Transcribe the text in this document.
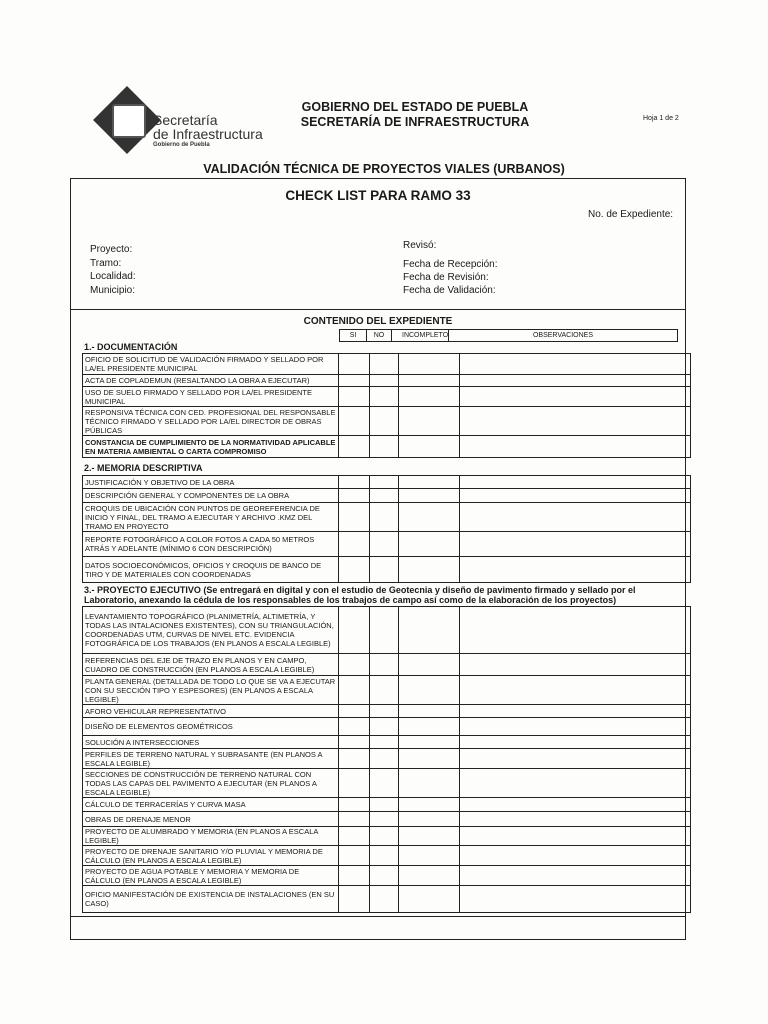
Secretaría
de Infraestructura
Gobierno de Puebla
GOBIERNO DEL ESTADO DE PUEBLA
SECRETARÍA DE INFRAESTRUCTURA	Hoja 1 de 2
VALIDACIÓN TÉCNICA DE PROYECTOS VIALES (URBANOS)
CHECK LIST PARA RAMO 33
No. de Expediente:
Proyecto:
Tramo:
Localidad:
Municipio:
Revisó:
Fecha de Recepción:
Fecha de Revisión:
Fecha de Validación:
CONTENIDO DEL EXPEDIENTE
SI	NO	INCOMPLETO	OBSERVACIONES
1.- DOCUMENTACIÓN
OFICIO DE SOLICITUD DE VALIDACIÓN FIRMADO Y SELLADO POR LA/EL PRESIDENTE MUNICIPAL				
ACTA DE COPLADEMUN (RESALTANDO LA OBRA A EJECUTAR)				
USO DE SUELO FIRMADO Y SELLADO POR LA/EL PRESIDENTE MUNICIPAL				
RESPONSIVA TÉCNICA CON CED. PROFESIONAL DEL RESPONSABLE TÉCNICO FIRMADO Y SELLADO POR LA/EL DIRECTOR DE OBRAS PÚBLICAS				
CONSTANCIA DE CUMPLIMIENTO DE LA NORMATIVIDAD APLICABLE EN MATERIA AMBIENTAL O CARTA COMPROMISO				
2.- MEMORIA DESCRIPTIVA
JUSTIFICACIÓN Y OBJETIVO DE LA OBRA				
DESCRIPCIÓN GENERAL Y COMPONENTES DE LA OBRA				
CROQUIS DE UBICACIÓN CON PUNTOS DE GEOREFERENCIA DE INICIO Y FINAL, DEL TRAMO A EJECUTAR Y ARCHIVO .KMZ DEL TRAMO EN PROYECTO				
REPORTE FOTOGRÁFICO A COLOR FOTOS A CADA 50 METROS ATRÁS Y ADELANTE (MÍNIMO 6 CON DESCRIPCIÓN)				
DATOS SOCIOECONÓMICOS, OFICIOS Y CROQUIS DE BANCO DE TIRO Y DE MATERIALES CON COORDENADAS				
3.- PROYECTO EJECUTIVO (Se entregará en digital y con el estudio de Geotecnia y diseño de pavimento firmado y sellado por el Laboratorio, anexando la cédula de los responsables de los trabajos de campo así como de la elaboración de los proyectos)
LEVANTAMIENTO TOPOGRÁFICO (PLANIMETRÍA, ALTIMETRÍA, Y TODAS LAS INTALACIONES EXISTENTES), CON SU TRIANGULACIÓN, COORDENADAS UTM, CURVAS DE NIVEL ETC. EVIDENCIA FOTOGRÁFICA DE LOS TRABAJOS (EN PLANOS A ESCALA LEGIBLE)				
REFERENCIAS DEL EJE DE TRAZO EN PLANOS Y EN CAMPO, CUADRO DE CONSTRUCCIÓN (EN PLANOS A ESCALA LEGIBLE)				
PLANTA GENERAL (DETALLADA DE TODO LO QUE SE VA A EJECUTAR CON SU SECCIÓN TIPO Y ESPESORES) (EN PLANOS A ESCALA LEGIBLE)				
AFORO VEHICULAR REPRESENTATIVO				
DISEÑO DE ELEMENTOS GEOMÉTRICOS				
SOLUCIÓN A INTERSECCIONES				
PERFILES DE TERRENO NATURAL Y SUBRASANTE (EN PLANOS A ESCALA LEGIBLE)				
SECCIONES DE CONSTRUCCIÓN DE TERRENO NATURAL CON TODAS LAS CAPAS DEL PAVIMENTO A EJECUTAR (EN PLANOS A ESCALA LEGIBLE)				
CÁLCULO DE TERRACERÍAS Y CURVA MASA				
OBRAS DE DRENAJE MENOR				
PROYECTO DE ALUMBRADO Y MEMORIA (EN PLANOS A ESCALA LEGIBLE)				
PROYECTO DE DRENAJE SANITARIO Y/O PLUVIAL Y MEMORIA DE CÁLCULO (EN PLANOS A ESCALA LEGIBLE)				
PROYECTO DE AGUA POTABLE Y MEMORIA Y MEMORIA DE CÁLCULO (EN PLANOS A ESCALA LEGIBLE)				
OFICIO MANIFESTACIÓN DE EXISTENCIA DE INSTALACIONES (EN SU CASO)				
